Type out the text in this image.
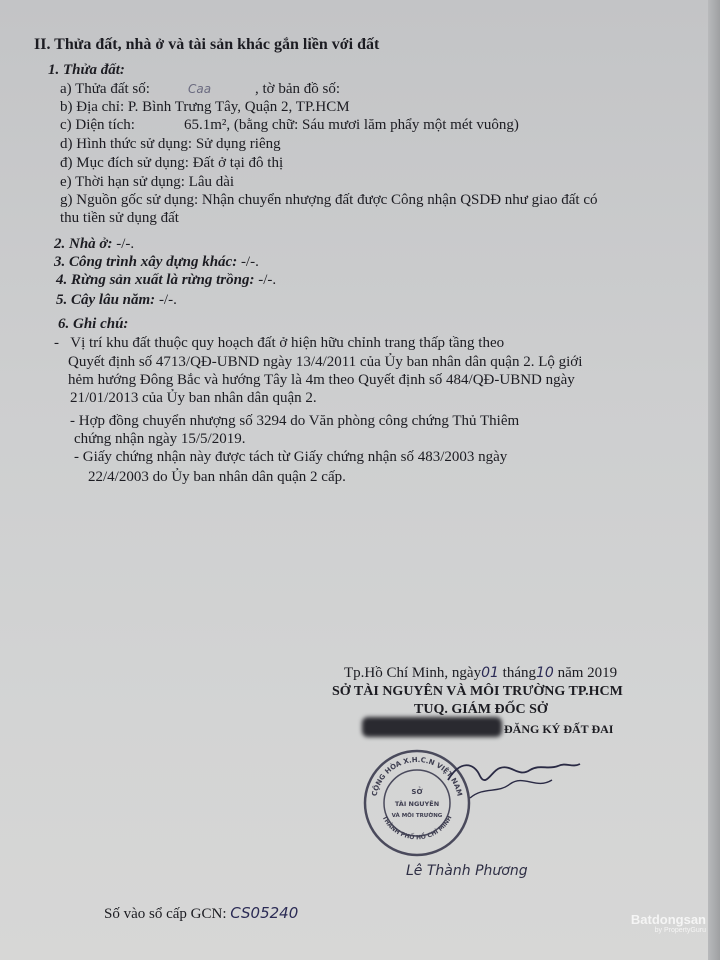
II. Thửa đất, nhà ở và tài sản khác gắn liền với đất
1. Thửa đất:
a) Thửa đất số:	Caa	, tờ bản đồ số:
b) Địa chỉ: P. Bình Trưng Tây, Quận 2, TP.HCM
c) Diện tích:	65.1m², (bằng chữ: Sáu mươi lăm phẩy một mét vuông)
d) Hình thức sử dụng: Sử dụng riêng
đ) Mục đích sử dụng: Đất ở tại đô thị
e) Thời hạn sử dụng: Lâu dài
g) Nguồn gốc sử dụng: Nhận chuyển nhượng đất được Công nhận QSDĐ như giao đất có
thu tiền sử dụng đất
2. Nhà ở: -/-.
3. Công trình xây dựng khác: -/-.
4. Rừng sản xuất là rừng trồng: -/-.
5. Cây lâu năm: -/-.
6. Ghi chú:
-   Vị trí khu đất thuộc quy hoạch đất ở hiện hữu chỉnh trang thấp tầng theo
Quyết định số 4713/QĐ-UBND ngày 13/4/2011 của Ủy ban nhân dân quận 2. Lộ giới
hẻm hướng Đông Bắc và hướng Tây là 4m theo Quyết định số 484/QĐ-UBND ngày
21/01/2013 của Ủy ban nhân dân quận 2.
- Hợp đồng chuyển nhượng số 3294 do Văn phòng công chứng Thủ Thiêm
chứng nhận ngày 15/5/2019.
- Giấy chứng nhận này được tách từ Giấy chứng nhận số 483/2003 ngày
22/4/2003 do Ủy ban nhân dân quận 2 cấp.
Tp.Hồ Chí Minh, ngày01 tháng10 năm 2019
SỞ TÀI NGUYÊN VÀ MÔI TRƯỜNG TP.HCM
TUQ. GIÁM ĐỐC SỞ
ĐĂNG KÝ ĐẤT ĐAI
CỘNG HÒA X.H.C.N VIỆT NAM
THÀNH PHỐ HỒ CHÍ MINH
SỞ
TÀI NGUYÊN
VÀ MÔI TRƯỜNG
Lê Thành Phương
Số vào sổ cấp GCN: CS05240	Batdongsan
by PropertyGuru
